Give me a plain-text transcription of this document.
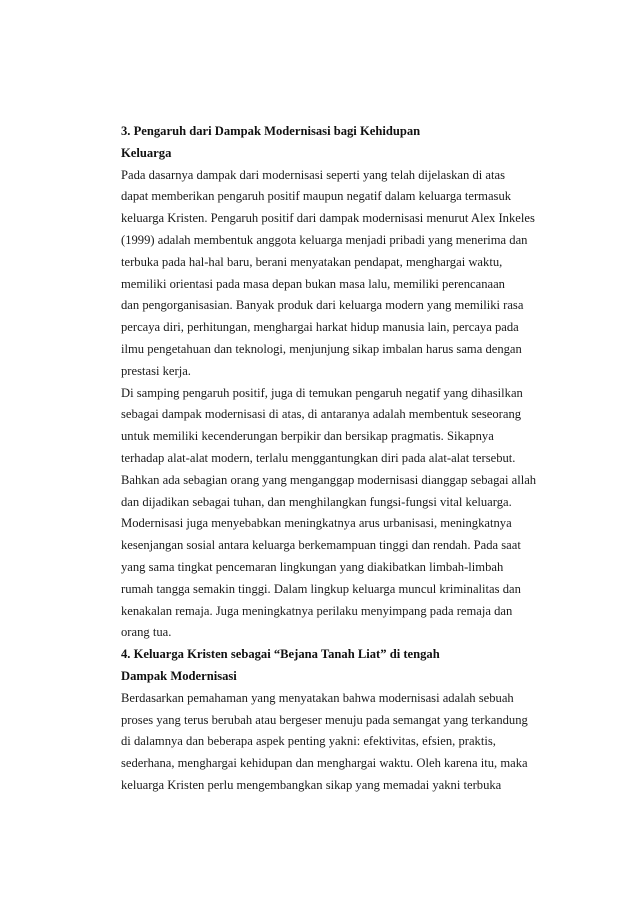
3. Pengaruh dari Dampak Modernisasi bagi Kehidupan
Keluarga
Pada dasarnya dampak dari modernisasi seperti yang telah dijelaskan di atas
dapat memberikan pengaruh positif maupun negatif dalam keluarga termasuk
keluarga Kristen. Pengaruh positif dari dampak modernisasi menurut Alex Inkeles
(1999) adalah membentuk anggota keluarga menjadi pribadi yang menerima dan
terbuka pada hal-hal baru, berani menyatakan pendapat, menghargai waktu,
memiliki orientasi pada masa depan bukan masa lalu, memiliki perencanaan
dan pengorganisasian. Banyak produk dari keluarga modern yang memiliki rasa
percaya diri, perhitungan, menghargai harkat hidup manusia lain, percaya pada
ilmu pengetahuan dan teknologi, menjunjung sikap imbalan harus sama dengan
prestasi kerja.
Di samping pengaruh positif, juga di temukan pengaruh negatif yang dihasilkan
sebagai dampak modernisasi di atas, di antaranya adalah membentuk seseorang
untuk memiliki kecenderungan berpikir dan bersikap pragmatis. Sikapnya
terhadap alat-alat modern, terlalu menggantungkan diri pada alat-alat tersebut.
Bahkan ada sebagian orang yang menganggap modernisasi dianggap sebagai allah
dan dijadikan sebagai tuhan, dan menghilangkan fungsi-fungsi vital keluarga.
Modernisasi juga menyebabkan meningkatnya arus urbanisasi, meningkatnya
kesenjangan sosial antara keluarga berkemampuan tinggi dan rendah. Pada saat
yang sama tingkat pencemaran lingkungan yang diakibatkan limbah-limbah
rumah tangga semakin tinggi. Dalam lingkup keluarga muncul kriminalitas dan
kenakalan remaja. Juga meningkatnya perilaku menyimpang pada remaja dan
orang tua.
4. Keluarga Kristen sebagai “Bejana Tanah Liat” di tengah
Dampak Modernisasi
Berdasarkan pemahaman yang menyatakan bahwa modernisasi adalah sebuah
proses yang terus berubah atau bergeser menuju pada semangat yang terkandung
di dalamnya dan beberapa aspek penting yakni: efektivitas, efsien, praktis,
sederhana, menghargai kehidupan dan menghargai waktu. Oleh karena itu, maka
keluarga Kristen perlu mengembangkan sikap yang memadai yakni terbuka
